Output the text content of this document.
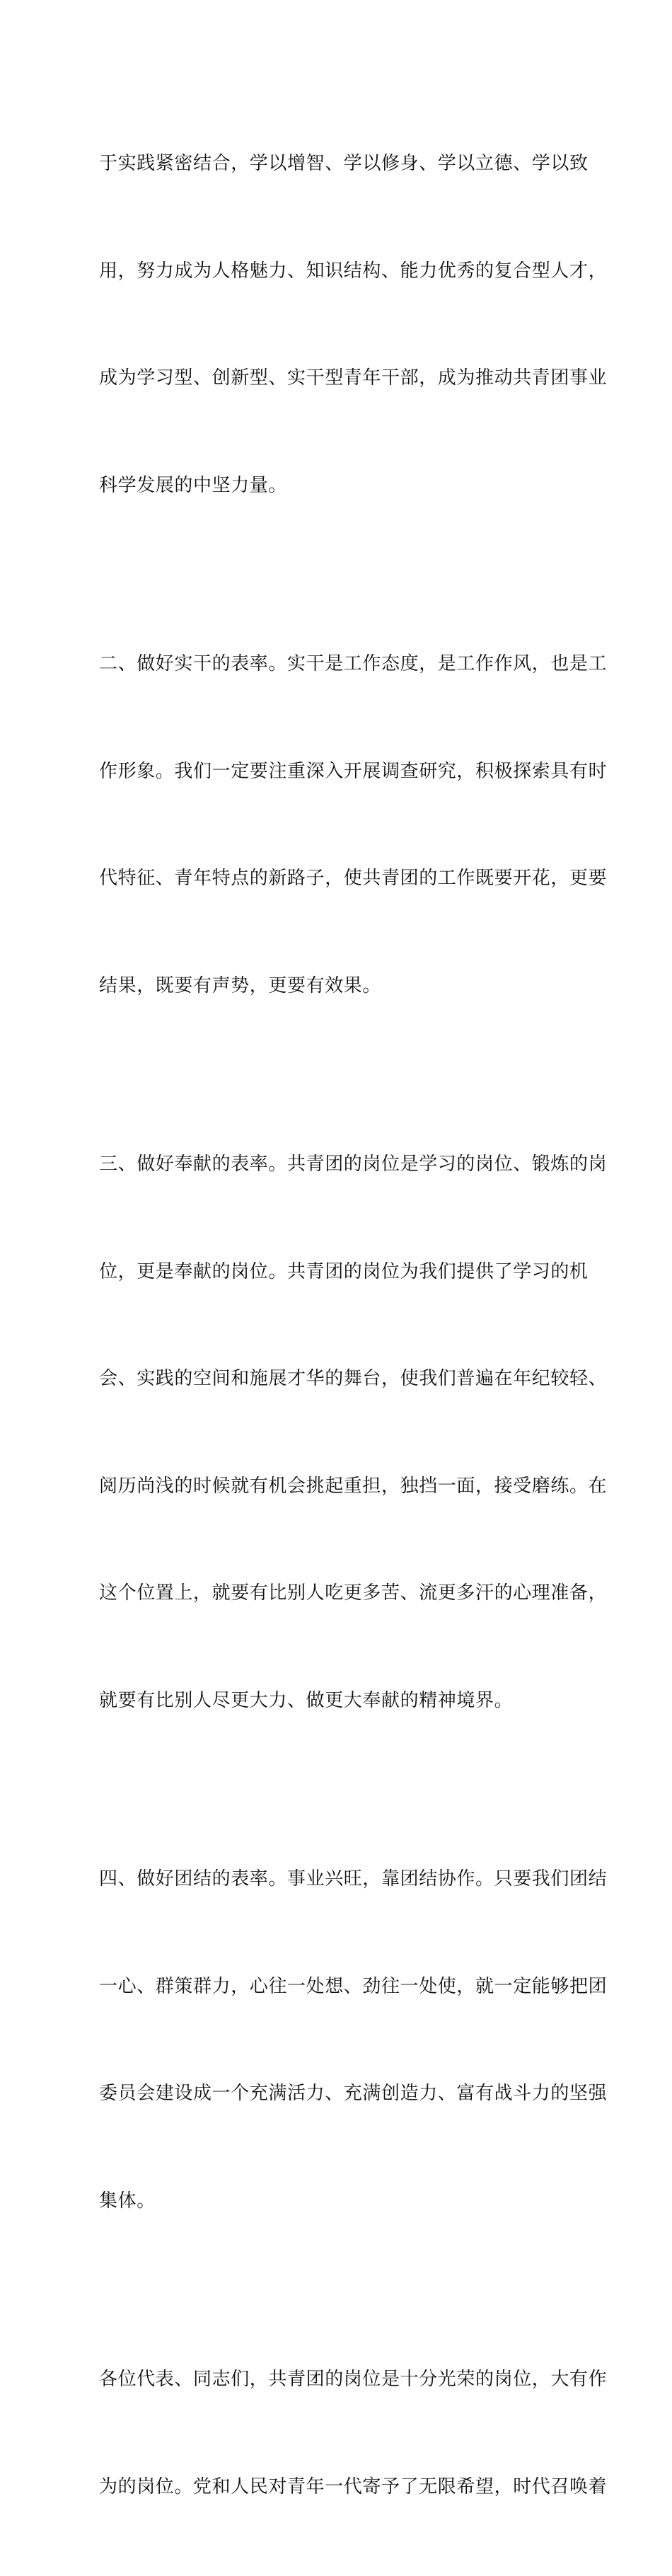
于实践紧密结合，学以增智、学以修身、学以立德、学以致

用，努力成为人格魅力、知识结构、能力优秀的复合型人才，

成为学习型、创新型、实干型青年干部，成为推动共青团事业

科学发展的中坚力量。

二、做好实干的表率。实干是工作态度，是工作作风，也是工

作形象。我们一定要注重深入开展调查研究，积极探索具有时

代特征、青年特点的新路子，使共青团的工作既要开花，更要

结果，既要有声势，更要有效果。

三、做好奉献的表率。共青团的岗位是学习的岗位、锻炼的岗

位，更是奉献的岗位。共青团的岗位为我们提供了学习的机

会、实践的空间和施展才华的舞台，使我们普遍在年纪较轻、

阅历尚浅的时候就有机会挑起重担，独挡一面，接受磨练。在

这个位置上，就要有比别人吃更多苦、流更多汗的心理准备，

就要有比别人尽更大力、做更大奉献的精神境界。

四、做好团结的表率。事业兴旺，靠团结协作。只要我们团结

一心、群策群力，心往一处想、劲往一处使，就一定能够把团

委员会建设成一个充满活力、充满创造力、富有战斗力的坚强

集体。

各位代表、同志们，共青团的岗位是十分光荣的岗位，大有作

为的岗位。党和人民对青年一代寄予了无限希望，时代召唤着
